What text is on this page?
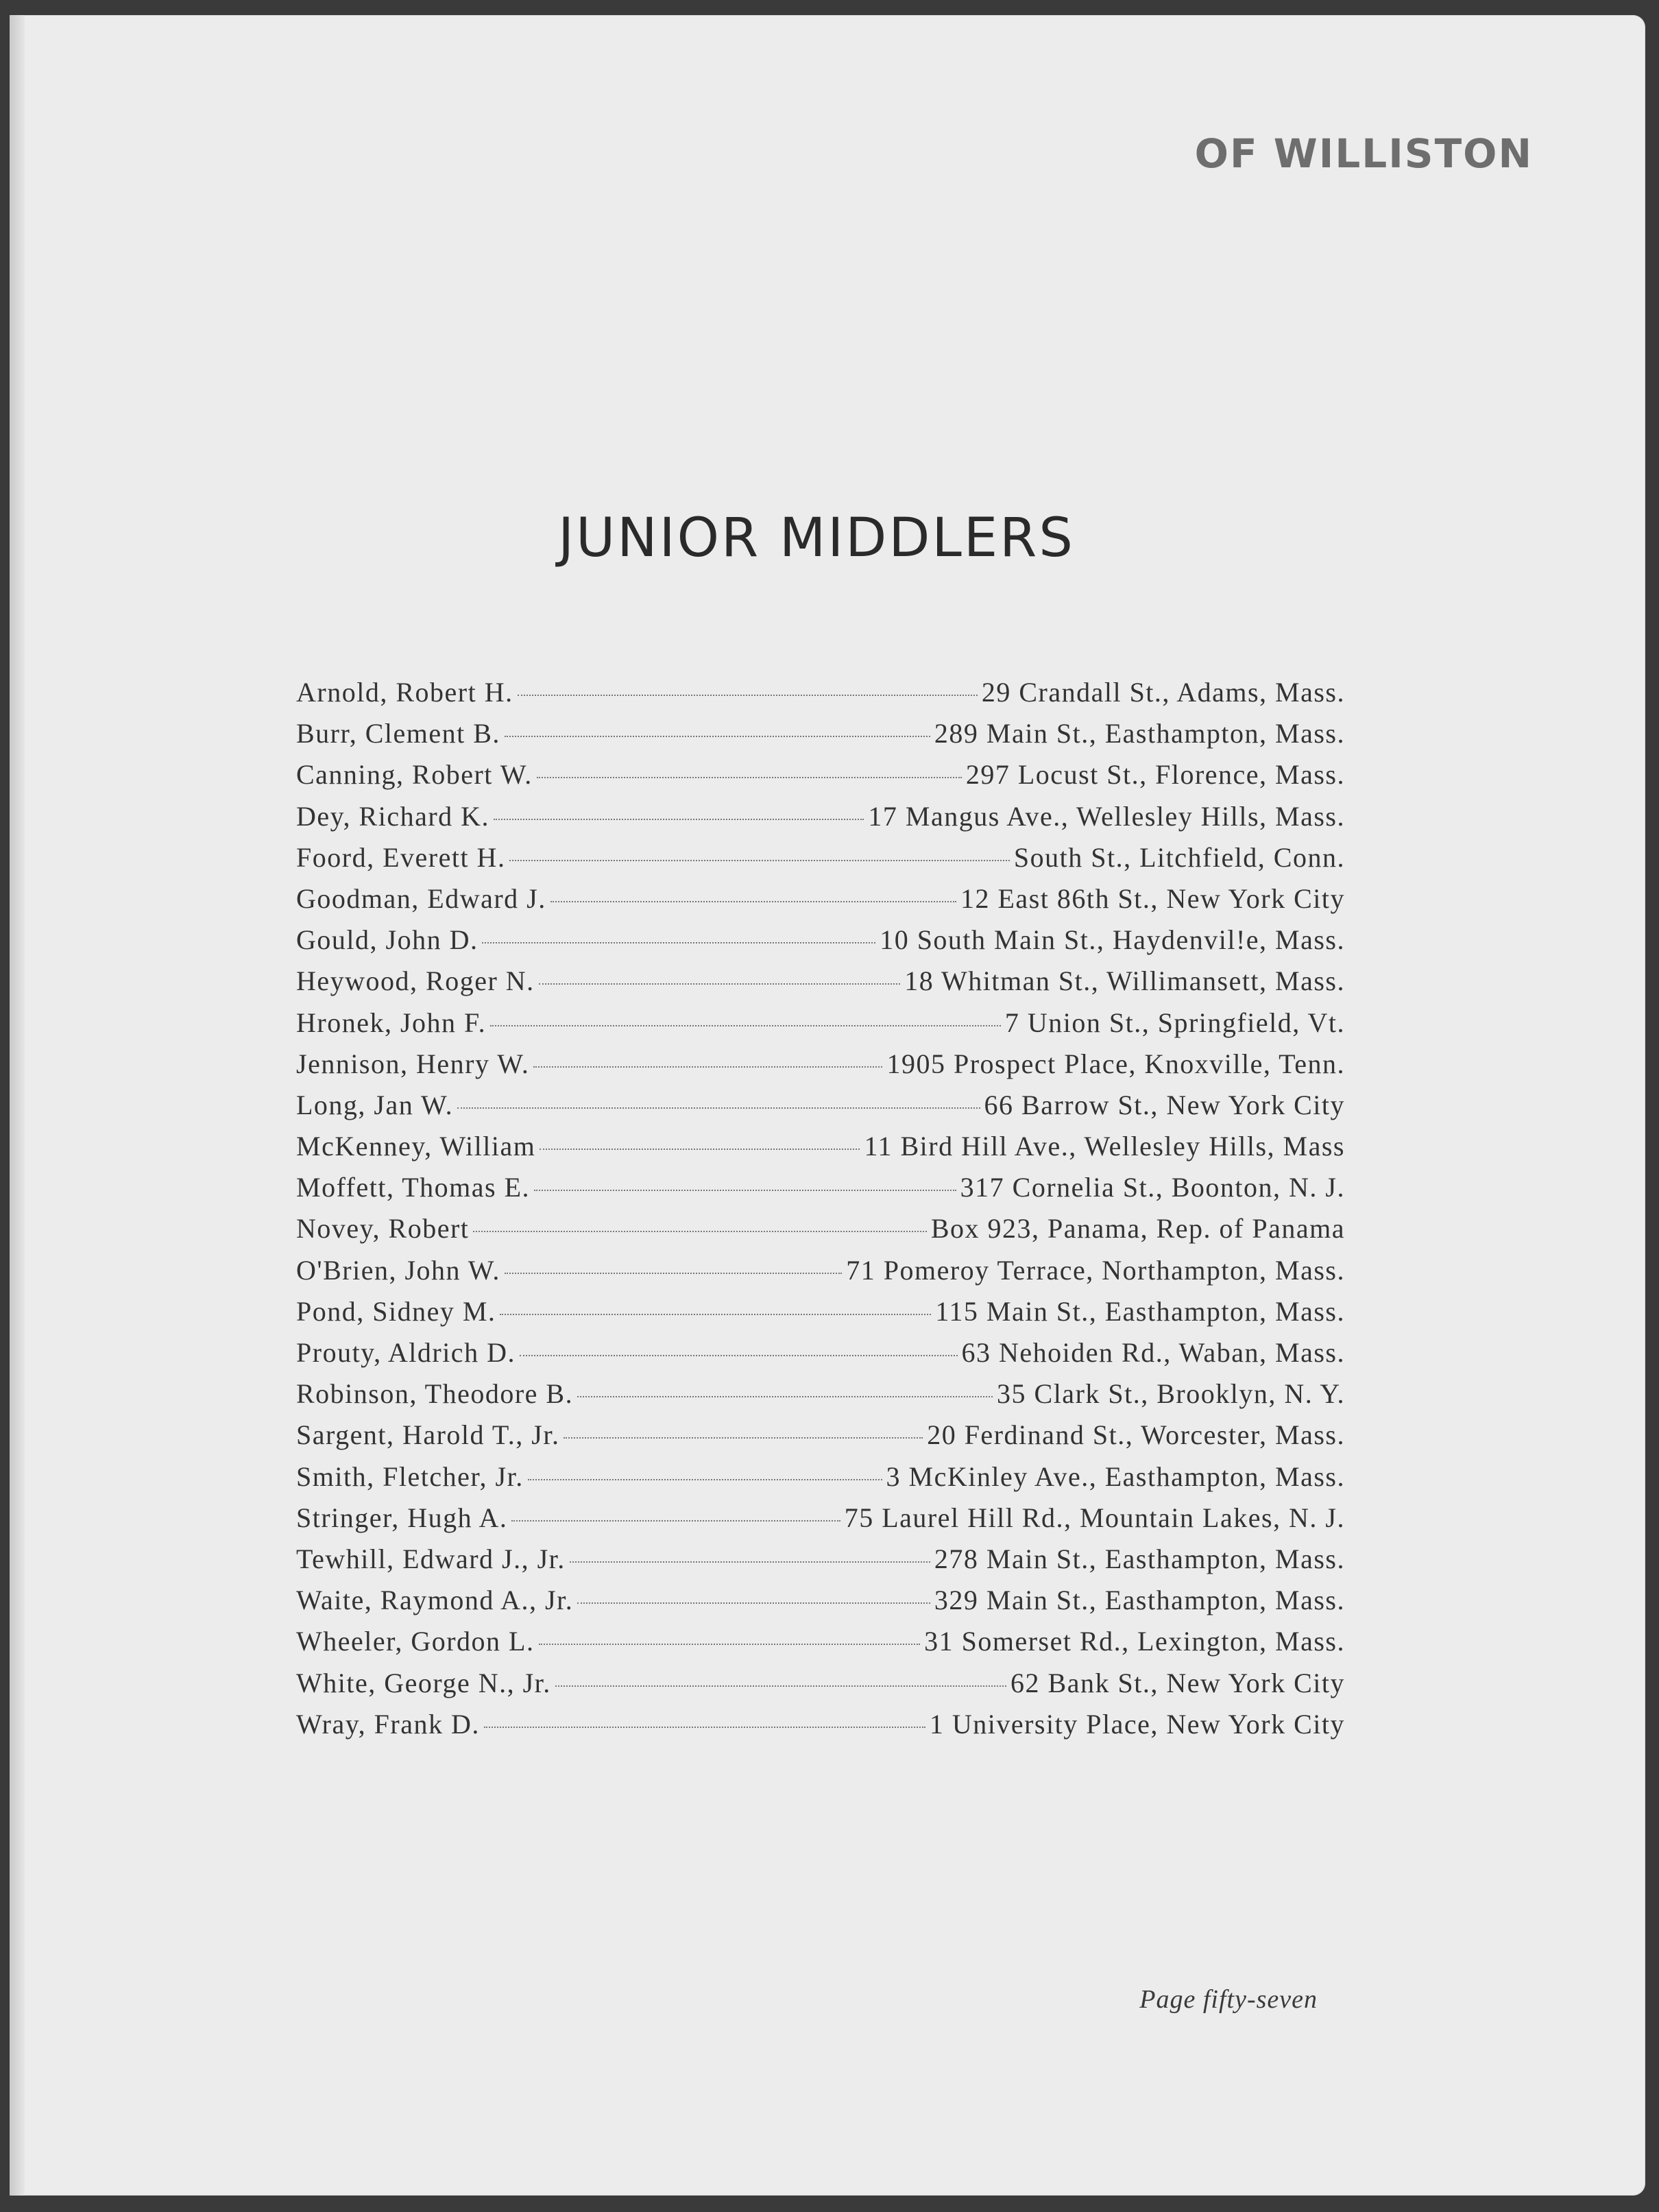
OF WILLISTON

JUNIOR MIDDLERS
Arnold, Robert H.	29 Crandall St., Adams, Mass.
Burr, Clement B.	289 Main St., Easthampton, Mass.
Canning, Robert W.	297 Locust St., Florence, Mass.
Dey, Richard K.	17 Mangus Ave., Wellesley Hills, Mass.
Foord, Everett H.	South St., Litchfield, Conn.
Goodman, Edward J.	12 East 86th St., New York City
Gould, John D.	10 South Main St., Haydenvil!e, Mass.
Heywood, Roger N.	18 Whitman St., Willimansett, Mass.
Hronek, John F.	7 Union St., Springfield, Vt.
Jennison, Henry W.	1905 Prospect Place, Knoxville, Tenn.
Long, Jan W.	66 Barrow St., New York City
McKenney, William	11 Bird Hill Ave., Wellesley Hills, Mass
Moffett, Thomas E.	317 Cornelia St., Boonton, N. J.
Novey, Robert	Box 923, Panama, Rep. of Panama
O'Brien, John W.	71 Pomeroy Terrace, Northampton, Mass.
Pond, Sidney M.	115 Main St., Easthampton, Mass.
Prouty, Aldrich D.	63 Nehoiden Rd., Waban, Mass.
Robinson, Theodore B.	35 Clark St., Brooklyn, N. Y.
Sargent, Harold T., Jr.	20 Ferdinand St., Worcester, Mass.
Smith, Fletcher, Jr.	3 McKinley Ave., Easthampton, Mass.
Stringer, Hugh A.	75 Laurel Hill Rd., Mountain Lakes, N. J.
Tewhill, Edward J., Jr.	278 Main St., Easthampton, Mass.
Waite, Raymond A., Jr.	329 Main St., Easthampton, Mass.
Wheeler, Gordon L.	31 Somerset Rd., Lexington, Mass.
White, George N., Jr.	62 Bank St., New York City
Wray, Frank D.	1 University Place, New York City

Page fifty-seven
